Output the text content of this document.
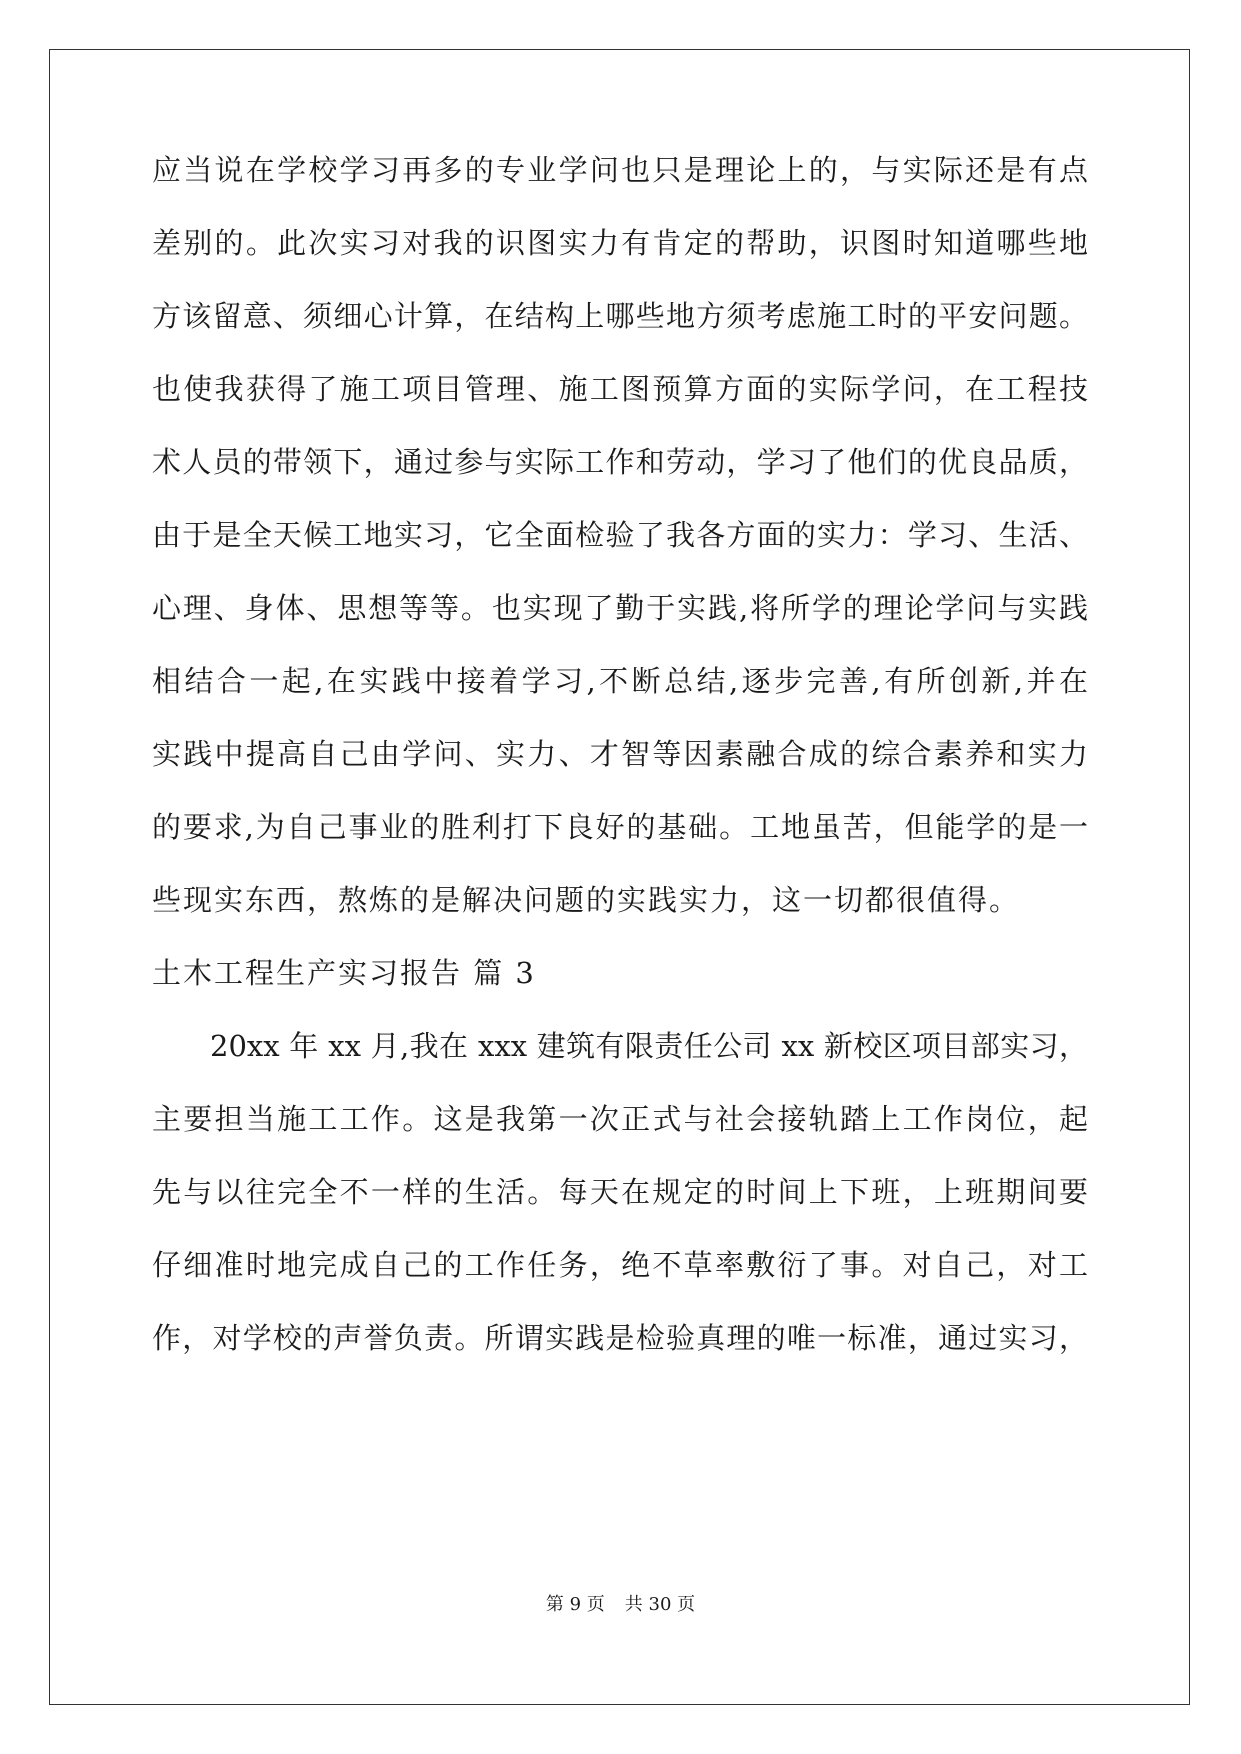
应当说在学校学习再多的专业学问也只是理论上的，与实际还是有点
差别的。此次实习对我的识图实力有肯定的帮助，识图时知道哪些地
方该留意、须细心计算，在结构上哪些地方须考虑施工时的平安问题。
也使我获得了施工项目管理、施工图预算方面的实际学问，在工程技
术人员的带领下，通过参与实际工作和劳动，学习了他们的优良品质，
由于是全天候工地实习，它全面检验了我各方面的实力：学习、生活、
心理、身体、思想等等。也实现了勤于实践,将所学的理论学问与实践
相结合一起,在实践中接着学习,不断总结,逐步完善,有所创新,并在
实践中提高自己由学问、实力、才智等因素融合成的综合素养和实力
的要求,为自己事业的胜利打下良好的基础。工地虽苦，但能学的是一
些现实东西，熬炼的是解决问题的实践实力，这一切都很值得。
土木工程生产实习报告 篇 3
20xx 年 xx 月,我在 xxx 建筑有限责任公司 xx 新校区项目部实习，
主要担当施工工作。这是我第一次正式与社会接轨踏上工作岗位，起
先与以往完全不一样的生活。每天在规定的时间上下班，上班期间要
仔细准时地完成自己的工作任务，绝不草率敷衍了事。对自己，对工
作，对学校的声誉负责。所谓实践是检验真理的唯一标准，通过实习，
第 9 页 共 30 页
